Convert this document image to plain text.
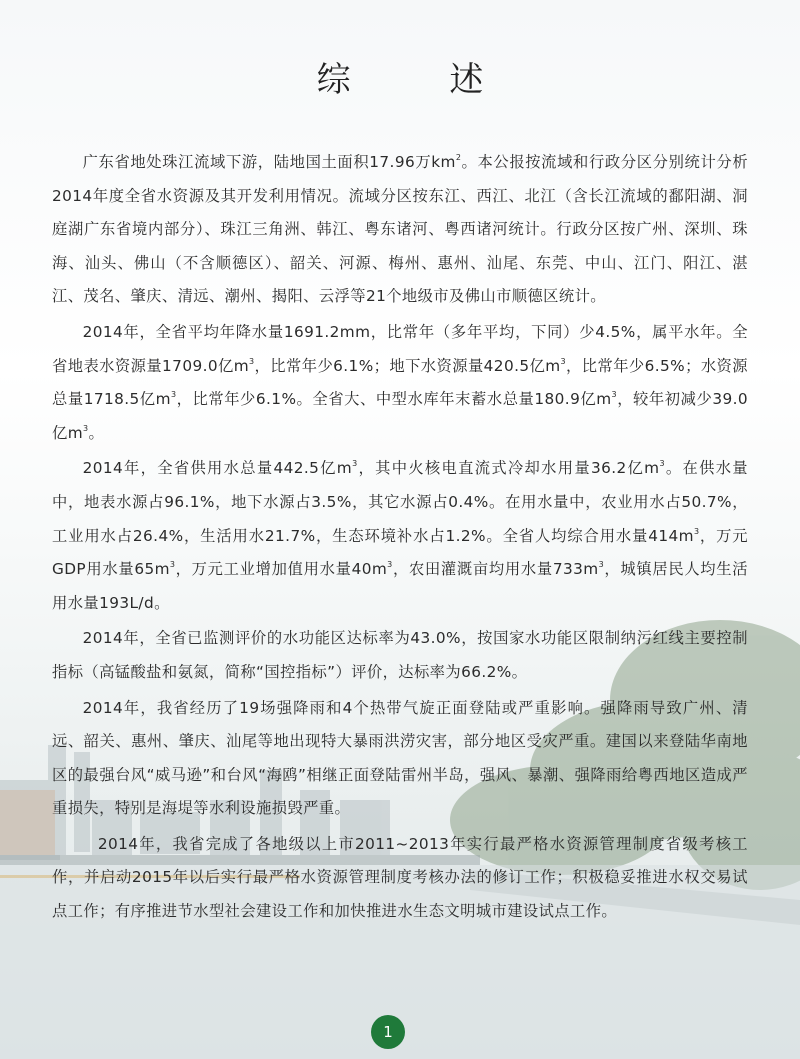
综 述

广东省地处珠江流域下游，陆地国土面积17.96万$km^2$。本公报按流域和行政分区分别统计分析2014年度全省水资源及其开发利用情况。流域分区按东江、西江、北江（含长江流域的鄱阳湖、洞庭湖广东省境内部分）、珠江三角洲、韩江、粤东诸河、粤西诸河统计。行政分区按广州、深圳、珠海、汕头、佛山（不含顺德区）、韶关、河源、梅州、惠州、汕尾、东莞、中山、江门、阳江、湛江、茂名、肇庆、清远、潮州、揭阳、云浮等21个地级市及佛山市顺德区统计。

2014年，全省平均年降水量1691.2mm，比常年（多年平均，下同）少4.5%，属平水年。全省地表水资源量1709.0亿$m^3$，比常年少6.1%；地下水资源量420.5亿$m^3$，比常年少6.5%；水资源总量1718.5亿$m^3$，比常年少6.1%。全省大、中型水库年末蓄水总量180.9亿$m^3$，较年初减少39.0亿$m^3$。

2014年，全省供用水总量442.5亿$m^3$，其中火核电直流式冷却水用量36.2亿$m^3$。在供水量中，地表水源占96.1%，地下水源占3.5%，其它水源占0.4%。在用水量中，农业用水占50.7%，工业用水占26.4%，生活用水21.7%，生态环境补水占1.2%。全省人均综合用水量$414m^3$，万元GDP用水量$65m^3$，万元工业增加值用水量$40m^3$，农田灌溉亩均用水量$733m^3$，城镇居民人均生活用水量193L/d。

2014年，全省已监测评价的水功能区达标率为43.0%，按国家水功能区限制纳污红线主要控制指标（高锰酸盐和氨氮，简称“国控指标”）评价，达标率为66.2%。

2014年，我省经历了19场强降雨和4个热带气旋正面登陆或严重影响。强降雨导致广州、清远、韶关、惠州、肇庆、汕尾等地出现特大暴雨洪涝灾害，部分地区受灾严重。建国以来登陆华南地区的最强台风“威马逊”和台风“海鸥”相继正面登陆雷州半岛，强风、暴潮、强降雨给粤西地区造成严重损失，特别是海堤等水利设施损毁严重。

2014年，我省完成了各地级以上市2011~2013年实行最严格水资源管理制度省级考核工作，并启动2015年以后实行最严格水资源管理制度考核办法的修订工作；积极稳妥推进水权交易试点工作；有序推进节水型社会建设工作和加快推进水生态文明城市建设试点工作。

1
